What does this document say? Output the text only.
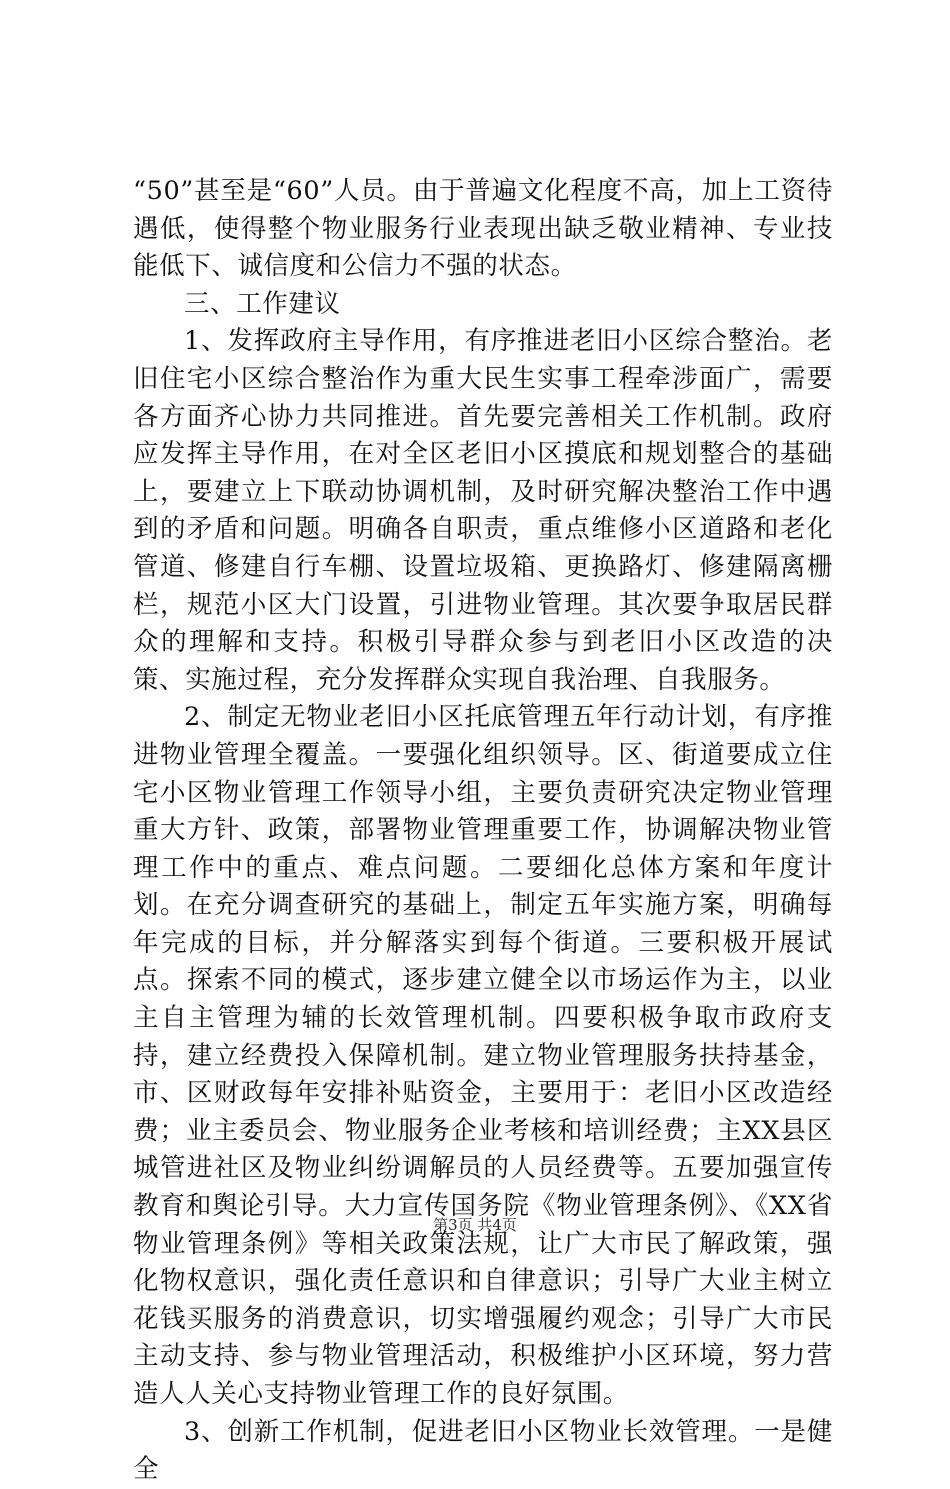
“50”甚至是“60”人员。由于普遍文化程度不高，加上工资待遇低，使得整个物业服务行业表现出缺乏敬业精神、专业技能低下、诚信度和公信力不强的状态。

三、工作建议

1、发挥政府主导作用，有序推进老旧小区综合整治。老旧住宅小区综合整治作为重大民生实事工程牵涉面广，需要各方面齐心协力共同推进。首先要完善相关工作机制。政府应发挥主导作用，在对全区老旧小区摸底和规划整合的基础上，要建立上下联动协调机制，及时研究解决整治工作中遇到的矛盾和问题。明确各自职责，重点维修小区道路和老化管道、修建自行车棚、设置垃圾箱、更换路灯、修建隔离栅栏，规范小区大门设置，引进物业管理。其次要争取居民群众的理解和支持。积极引导群众参与到老旧小区改造的决策、实施过程，充分发挥群众实现自我治理、自我服务。

2、制定无物业老旧小区托底管理五年行动计划，有序推进物业管理全覆盖。一要强化组织领导。区、街道要成立住宅小区物业管理工作领导小组，主要负责研究决定物业管理重大方针、政策，部署物业管理重要工作，协调解决物业管理工作中的重点、难点问题。二要细化总体方案和年度计划。在充分调查研究的基础上，制定五年实施方案，明确每年完成的目标，并分解落实到每个街道。三要积极开展试点。探索不同的模式，逐步建立健全以市场运作为主，以业主自主管理为辅的长效管理机制。四要积极争取市政府支持，建立经费投入保障机制。建立物业管理服务扶持基金，市、区财政每年安排补贴资金，主要用于：老旧小区改造经费；业主委员会、物业服务企业考核和培训经费；主XX县区城管进社区及物业纠纷调解员的人员经费等。五要加强宣传教育和舆论引导。大力宣传国务院《物业管理条例》、《XX省物业管理条例》等相关政策法规，让广大市民了解政策，强化物权意识，强化责任意识和自律意识；引导广大业主树立花钱买服务的消费意识，切实增强履约观念；引导广大市民主动支持、参与物业管理活动，积极维护小区环境，努力营造人人关心支持物业管理工作的良好氛围。

3、创新工作机制，促进老旧小区物业长效管理。一是健全

第3页 共4页
